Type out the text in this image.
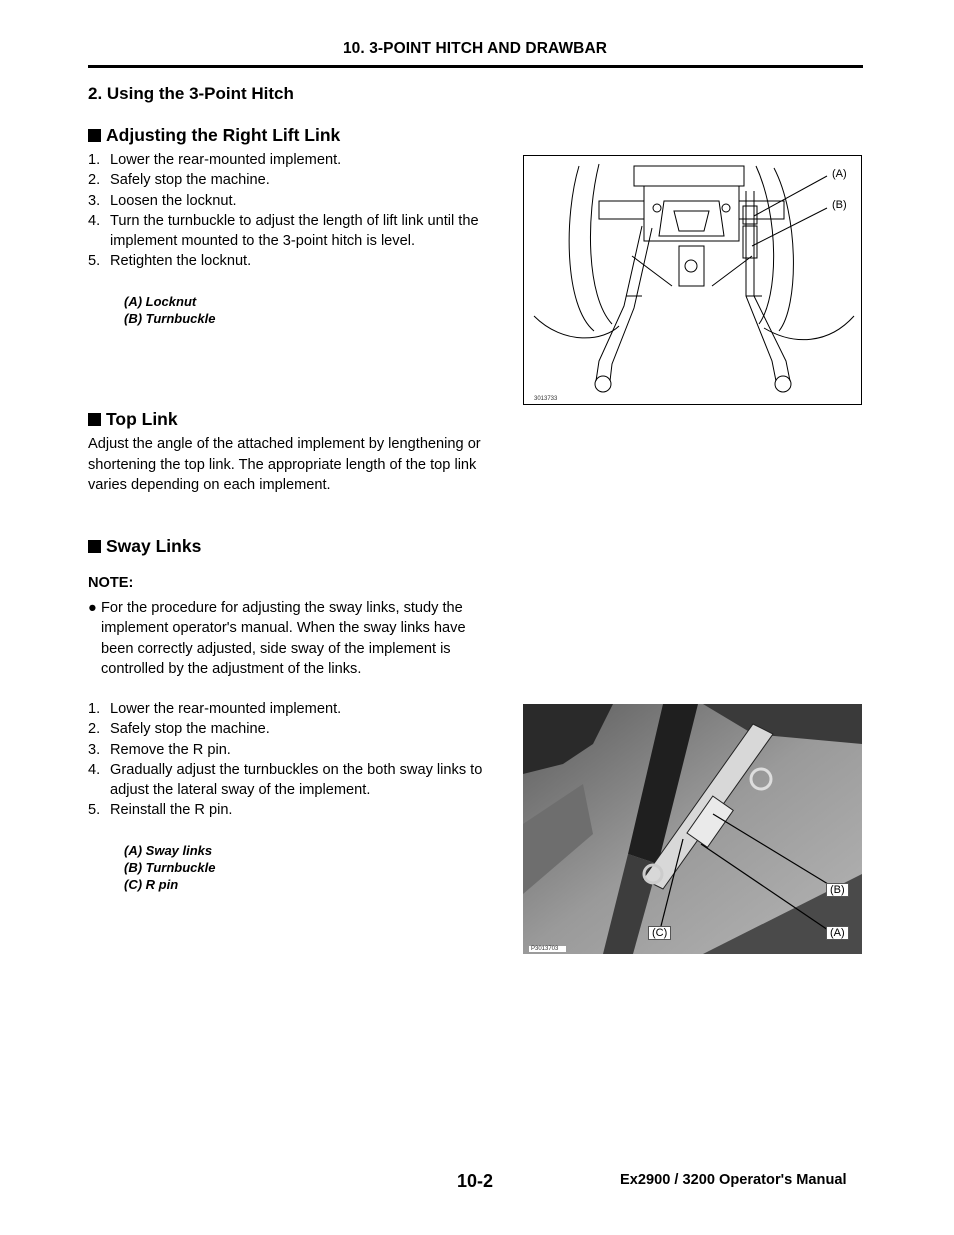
10. 3-POINT HITCH AND DRAWBAR
2. Using the 3-Point Hitch
Adjusting the Right Lift Link
1. Lower the rear-mounted implement.
2. Safely stop the machine.
3. Loosen the locknut.
4. Turn the turnbuckle to adjust the length of lift link until the implement mounted to the 3-point hitch is level.
5. Retighten the locknut.
(A) Locknut
(B) Turnbuckle
(A)
(B)
3013733
Top Link
Adjust the angle of the attached implement by lengthening or shortening the top link. The appropriate length of the top link varies depending on each implement.
Sway Links
NOTE:
● For the procedure for adjusting the sway links, study the implement operator's manual. When the sway links have been correctly adjusted, side sway of the implement is controlled by the adjustment of the links.
1. Lower the rear-mounted implement.
2. Safely stop the machine.
3. Remove the R pin.
4. Gradually adjust the turnbuckles on the both sway links to adjust the lateral sway of the implement.
5. Reinstall the R pin.
(A) Sway links
(B) Turnbuckle
(C) R pin	(B)
(A)
(C)
P3013703
10-2	Ex2900 / 3200 Operator's Manual
